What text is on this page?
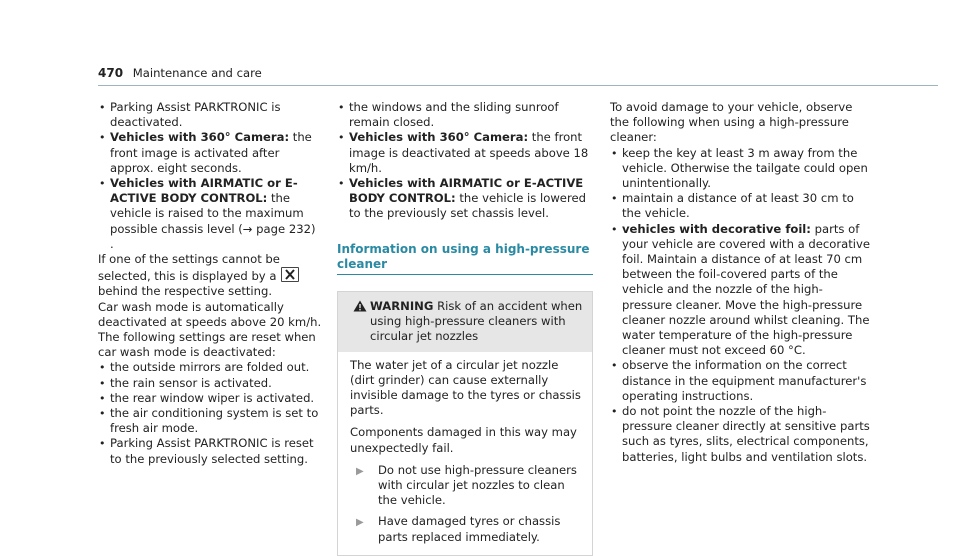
470 Maintenance and care
• Parking Assist PARKTRONIC is deactivated.
• Vehicles with 360° Camera: the front image is activated after approx. eight seconds.
• Vehicles with AIRMATIC or E-ACTIVE BODY CONTROL: the vehicle is raised to the maximum possible chassis level (→ page 232) .

If one of the settings cannot be selected, this is displayed by a
behind the respective setting.

Car wash mode is automatically deactivated at speeds above 20 km/h.

The following settings are reset when car wash mode is deactivated:

• the outside mirrors are folded out.
• the rain sensor is activated.
• the rear window wiper is activated.
• the air conditioning system is set to fresh air mode.
• Parking Assist PARKTRONIC is reset to the previously selected setting.
• the windows and the sliding sunroof remain closed.
• Vehicles with 360° Camera: the front image is deactivated at speeds above 18 km/h.
• Vehicles with AIRMATIC or E-ACTIVE BODY CONTROL: the vehicle is lowered to the previously set chassis level.
Information on using a high-pressure cleaner
WARNING Risk of an accident when using high-pressure cleaners with circular jet nozzles

The water jet of a circular jet nozzle (dirt grinder) can cause externally invisible damage to the tyres or chassis parts.

Components damaged in this way may unexpectedly fail.

▶ Do not use high-pressure cleaners with circular jet nozzles to clean the vehicle.
▶ Have damaged tyres or chassis parts replaced immediately.

To avoid damage to your vehicle, observe the following when using a high-pressure cleaner:

• keep the key at least 3 m away from the vehicle. Otherwise the tailgate could open unintentionally.
• maintain a distance of at least 30 cm to the vehicle.
• vehicles with decorative foil: parts of your vehicle are covered with a decorative foil. Maintain a distance of at least 70 cm between the foil-covered parts of the vehicle and the nozzle of the high-pressure cleaner. Move the high-pressure cleaner nozzle around whilst cleaning. The water temperature of the high-pressure cleaner must not exceed 60 °C.
• observe the information on the correct distance in the equipment manufacturer's operating instructions.
• do not point the nozzle of the high-pressure cleaner directly at sensitive parts such as tyres, slits, electrical components, batteries, light bulbs and ventilation slots.
